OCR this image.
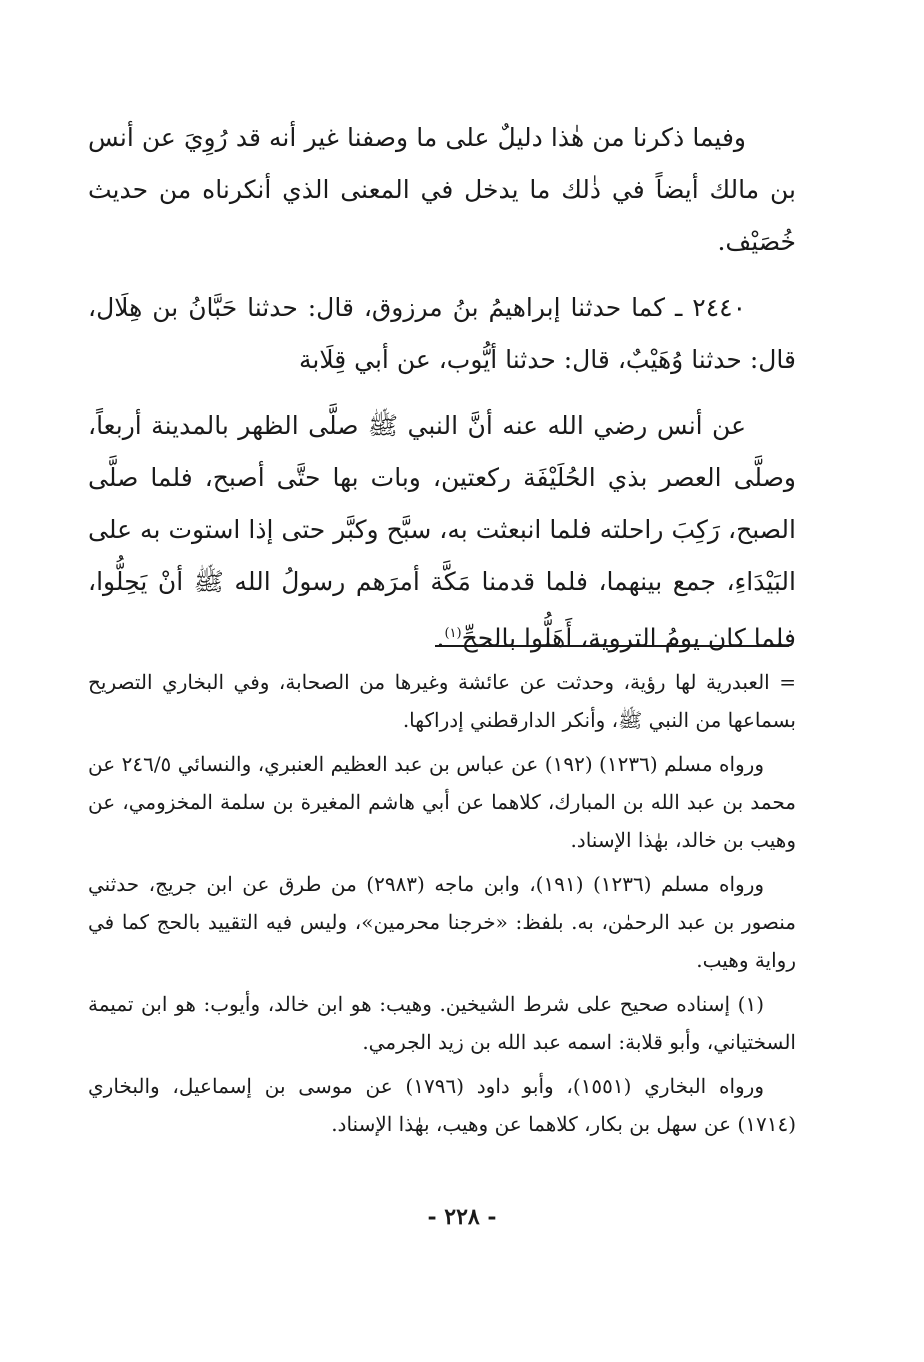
وفيما ذكرنا من هٰذا دليلٌ على ما وصفنا غير أنه قد رُوِيَ عن أنس بن مالك أيضاً في ذٰلك ما يدخل في المعنى الذي أنكرناه من حديث خُصَيْف.

٢٤٤٠ ـ كما حدثنا إبراهيمُ بنُ مرزوق، قال: حدثنا حَبَّانُ بن هِلَال، قال: حدثنا وُهَيْبٌ، قال: حدثنا أيُّوب، عن أبي قِلَابة

عن أنس رضي الله عنه أنَّ النبي ﷺ صلَّى الظهر بالمدينة أربعاً، وصلَّى العصر بذي الحُلَيْفَة ركعتين، وبات بها حتَّى أصبح، فلما صلَّى الصبح، رَكِبَ راحلته فلما انبعثت به، سبَّح وكبَّر حتى إذا استوت به على البَيْدَاءِ، جمع بينهما، فلما قدمنا مَكَّة أمرَهم رسولُ الله ﷺ أنْ يَحِلُّوا، فلما كان يومُ التروية، أَهَلُّوا بالحجِّ$^{(١)}$.

= العبدرية لها رؤية، وحدثت عن عائشة وغيرها من الصحابة، وفي البخاري التصريح بسماعها من النبي ﷺ، وأنكر الدارقطني إدراكها.

ورواه مسلم (١٢٣٦) (١٩٢) عن عباس بن عبد العظيم العنبري، والنسائي ٢٤٦/٥ عن محمد بن عبد الله بن المبارك، كلاهما عن أبي هاشم المغيرة بن سلمة المخزومي، عن وهيب بن خالد، بهٰذا الإسناد.

ورواه مسلم (١٢٣٦) (١٩١)، وابن ماجه (٢٩٨٣) من طرق عن ابن جريج، حدثني منصور بن عبد الرحمٰن، به. بلفظ: «خرجنا محرمين»، وليس فيه التقييد بالحج كما في رواية وهيب.

(١) إسناده صحيح على شرط الشيخين. وهيب: هو ابن خالد، وأيوب: هو ابن تميمة السختياني، وأبو قلابة: اسمه عبد الله بن زيد الجرمي.

ورواه البخاري (١٥٥١)، وأبو داود (١٧٩٦) عن موسى بن إسماعيل، والبخاري (١٧١٤) عن سهل بن بكار، كلاهما عن وهيب، بهٰذا الإسناد.

- ٢٢٨ -
